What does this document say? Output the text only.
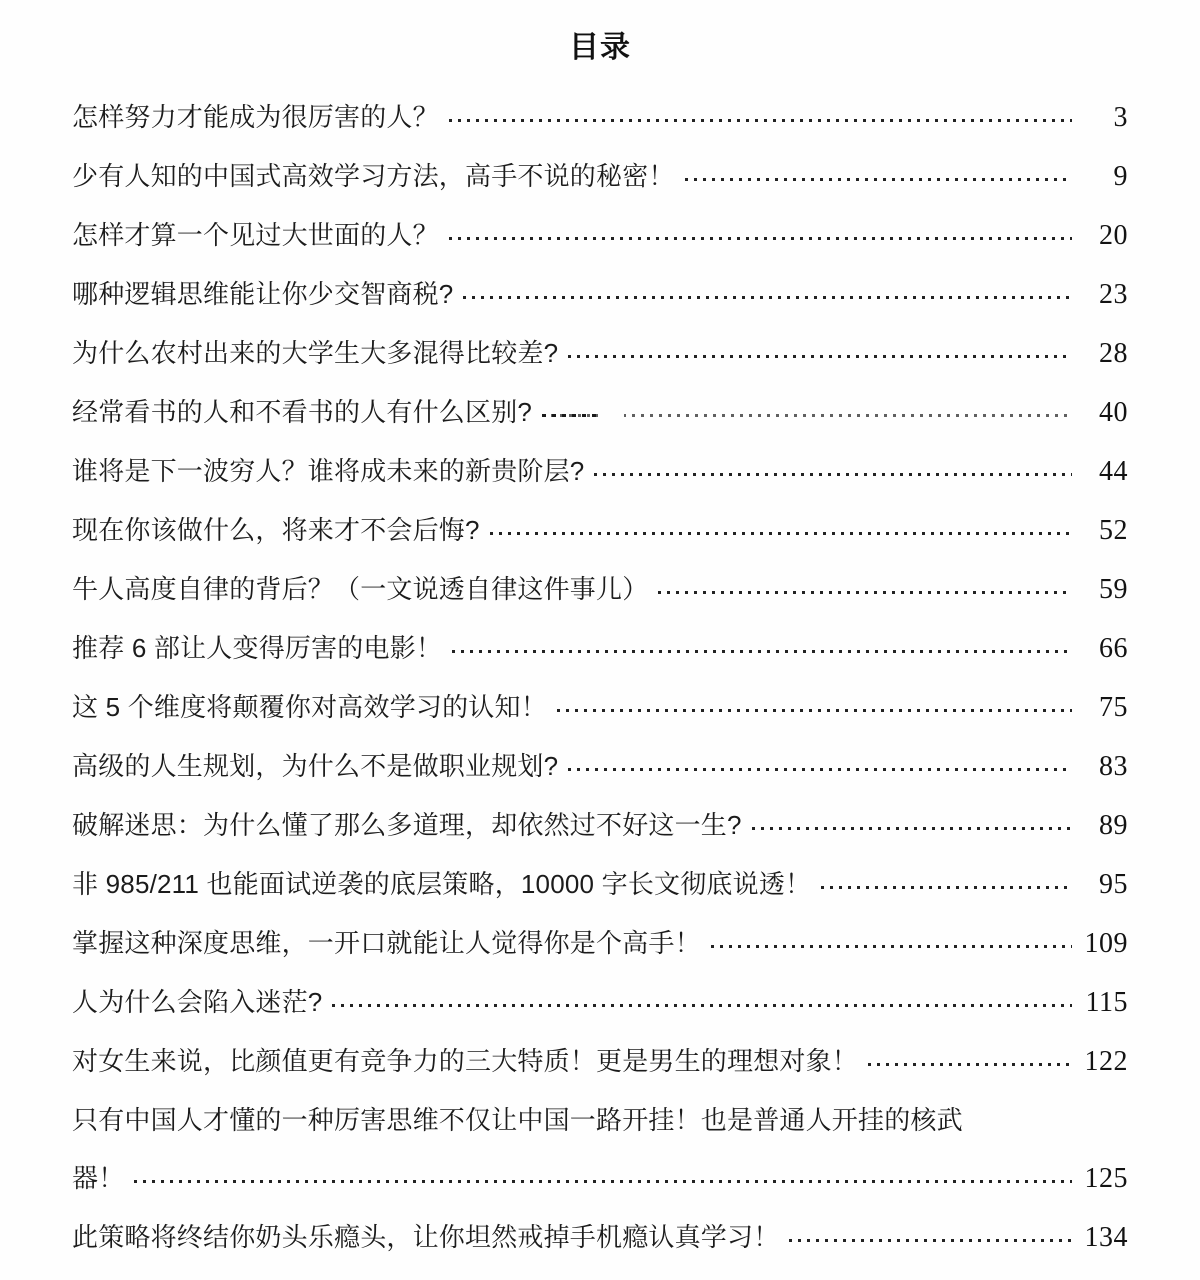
目录
怎样努力才能成为很厉害的人？	3
少有人知的中国式高效学习方法，高手不说的秘密！	9
怎样才算一个见过大世面的人？	20
哪种逻辑思维能让你少交智商税?	23
为什么农村出来的大学生大多混得比较差?	28
经常看书的人和不看书的人有什么区别?	40
谁将是下一波穷人？谁将成未来的新贵阶层?	44
现在你该做什么，将来才不会后悔?	52
牛人高度自律的背后？（一文说透自律这件事儿）	59
推荐 6 部让人变得厉害的电影！	66
这 5 个维度将颠覆你对高效学习的认知！	75
高级的人生规划，为什么不是做职业规划?	83
破解迷思：为什么懂了那么多道理，却依然过不好这一生?	89
非 985/211 也能面试逆袭的底层策略，10000 字长文彻底说透！	95
掌握这种深度思维，一开口就能让人觉得你是个高手！	109
人为什么会陷入迷茫?	115
对女生来说，比颜值更有竞争力的三大特质！更是男生的理想对象！	122
只有中国人才懂的一种厉害思维不仅让中国一路开挂！也是普通人开挂的核武
器！	125
此策略将终结你奶头乐瘾头，让你坦然戒掉手机瘾认真学习！	134
